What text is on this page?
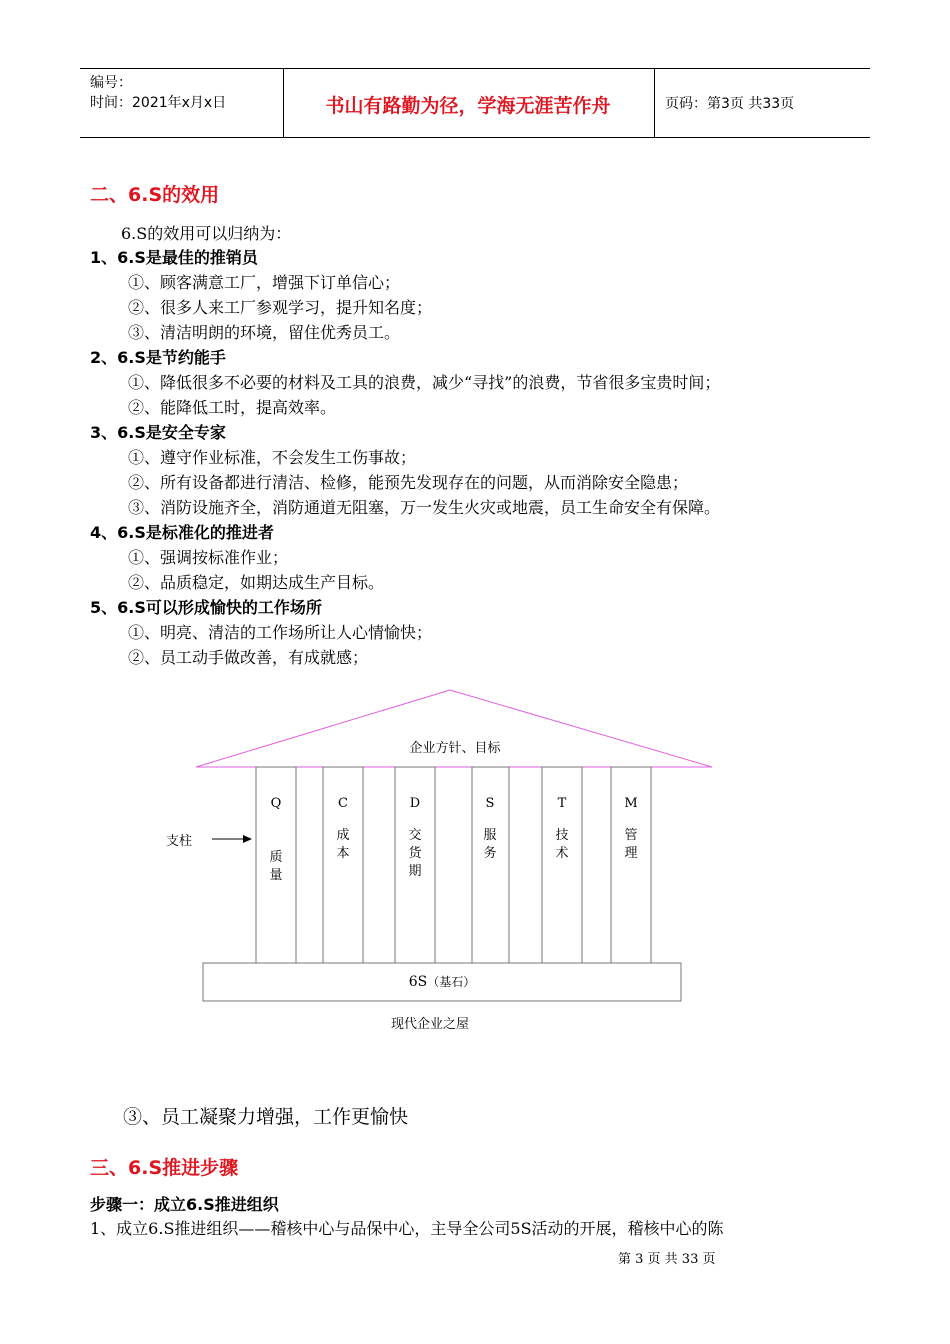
编号：
时间：2021年x月x日	书山有路勤为径，学海无涯苦作舟	页码：第3页 共33页
二、6.S的效用
6.S的效用可以归纳为：
1、6.S是最佳的推销员
①、顾客满意工厂，增强下订单信心；
②、很多人来工厂参观学习，提升知名度；
③、清洁明朗的环境，留住优秀员工。
2、6.S是节约能手
①、降低很多不必要的材料及工具的浪费，减少“寻找”的浪费，节省很多宝贵时间；
②、能降低工时，提高效率。
3、6.S是安全专家
①、遵守作业标准，不会发生工伤事故；
②、所有设备都进行清洁、检修，能预先发现存在的问题，从而消除安全隐患；
③、消防设施齐全，消防通道无阻塞，万一发生火灾或地震，员工生命安全有保障。
4、6.S是标准化的推进者
①、强调按标准作业；
②、品质稳定，如期达成生产目标。
5、6.S可以形成愉快的工作场所
①、明亮、清洁的工作场所让人心情愉快；
②、员工动手做改善，有成就感；
企业方针、目标
支柱
Q
质
量
C
成
本
D
交
货
期
S
服
务
T
技
术
M
管
理
6S（基石）
现代企业之屋
③、员工凝聚力增强，工作更愉快
三、6.S推进步骤
步骤一：成立6.S推进组织
1、成立6.S推进组织——稽核中心与品保中心，主导全公司5S活动的开展，稽核中心的陈
第 3 页 共 33 页
